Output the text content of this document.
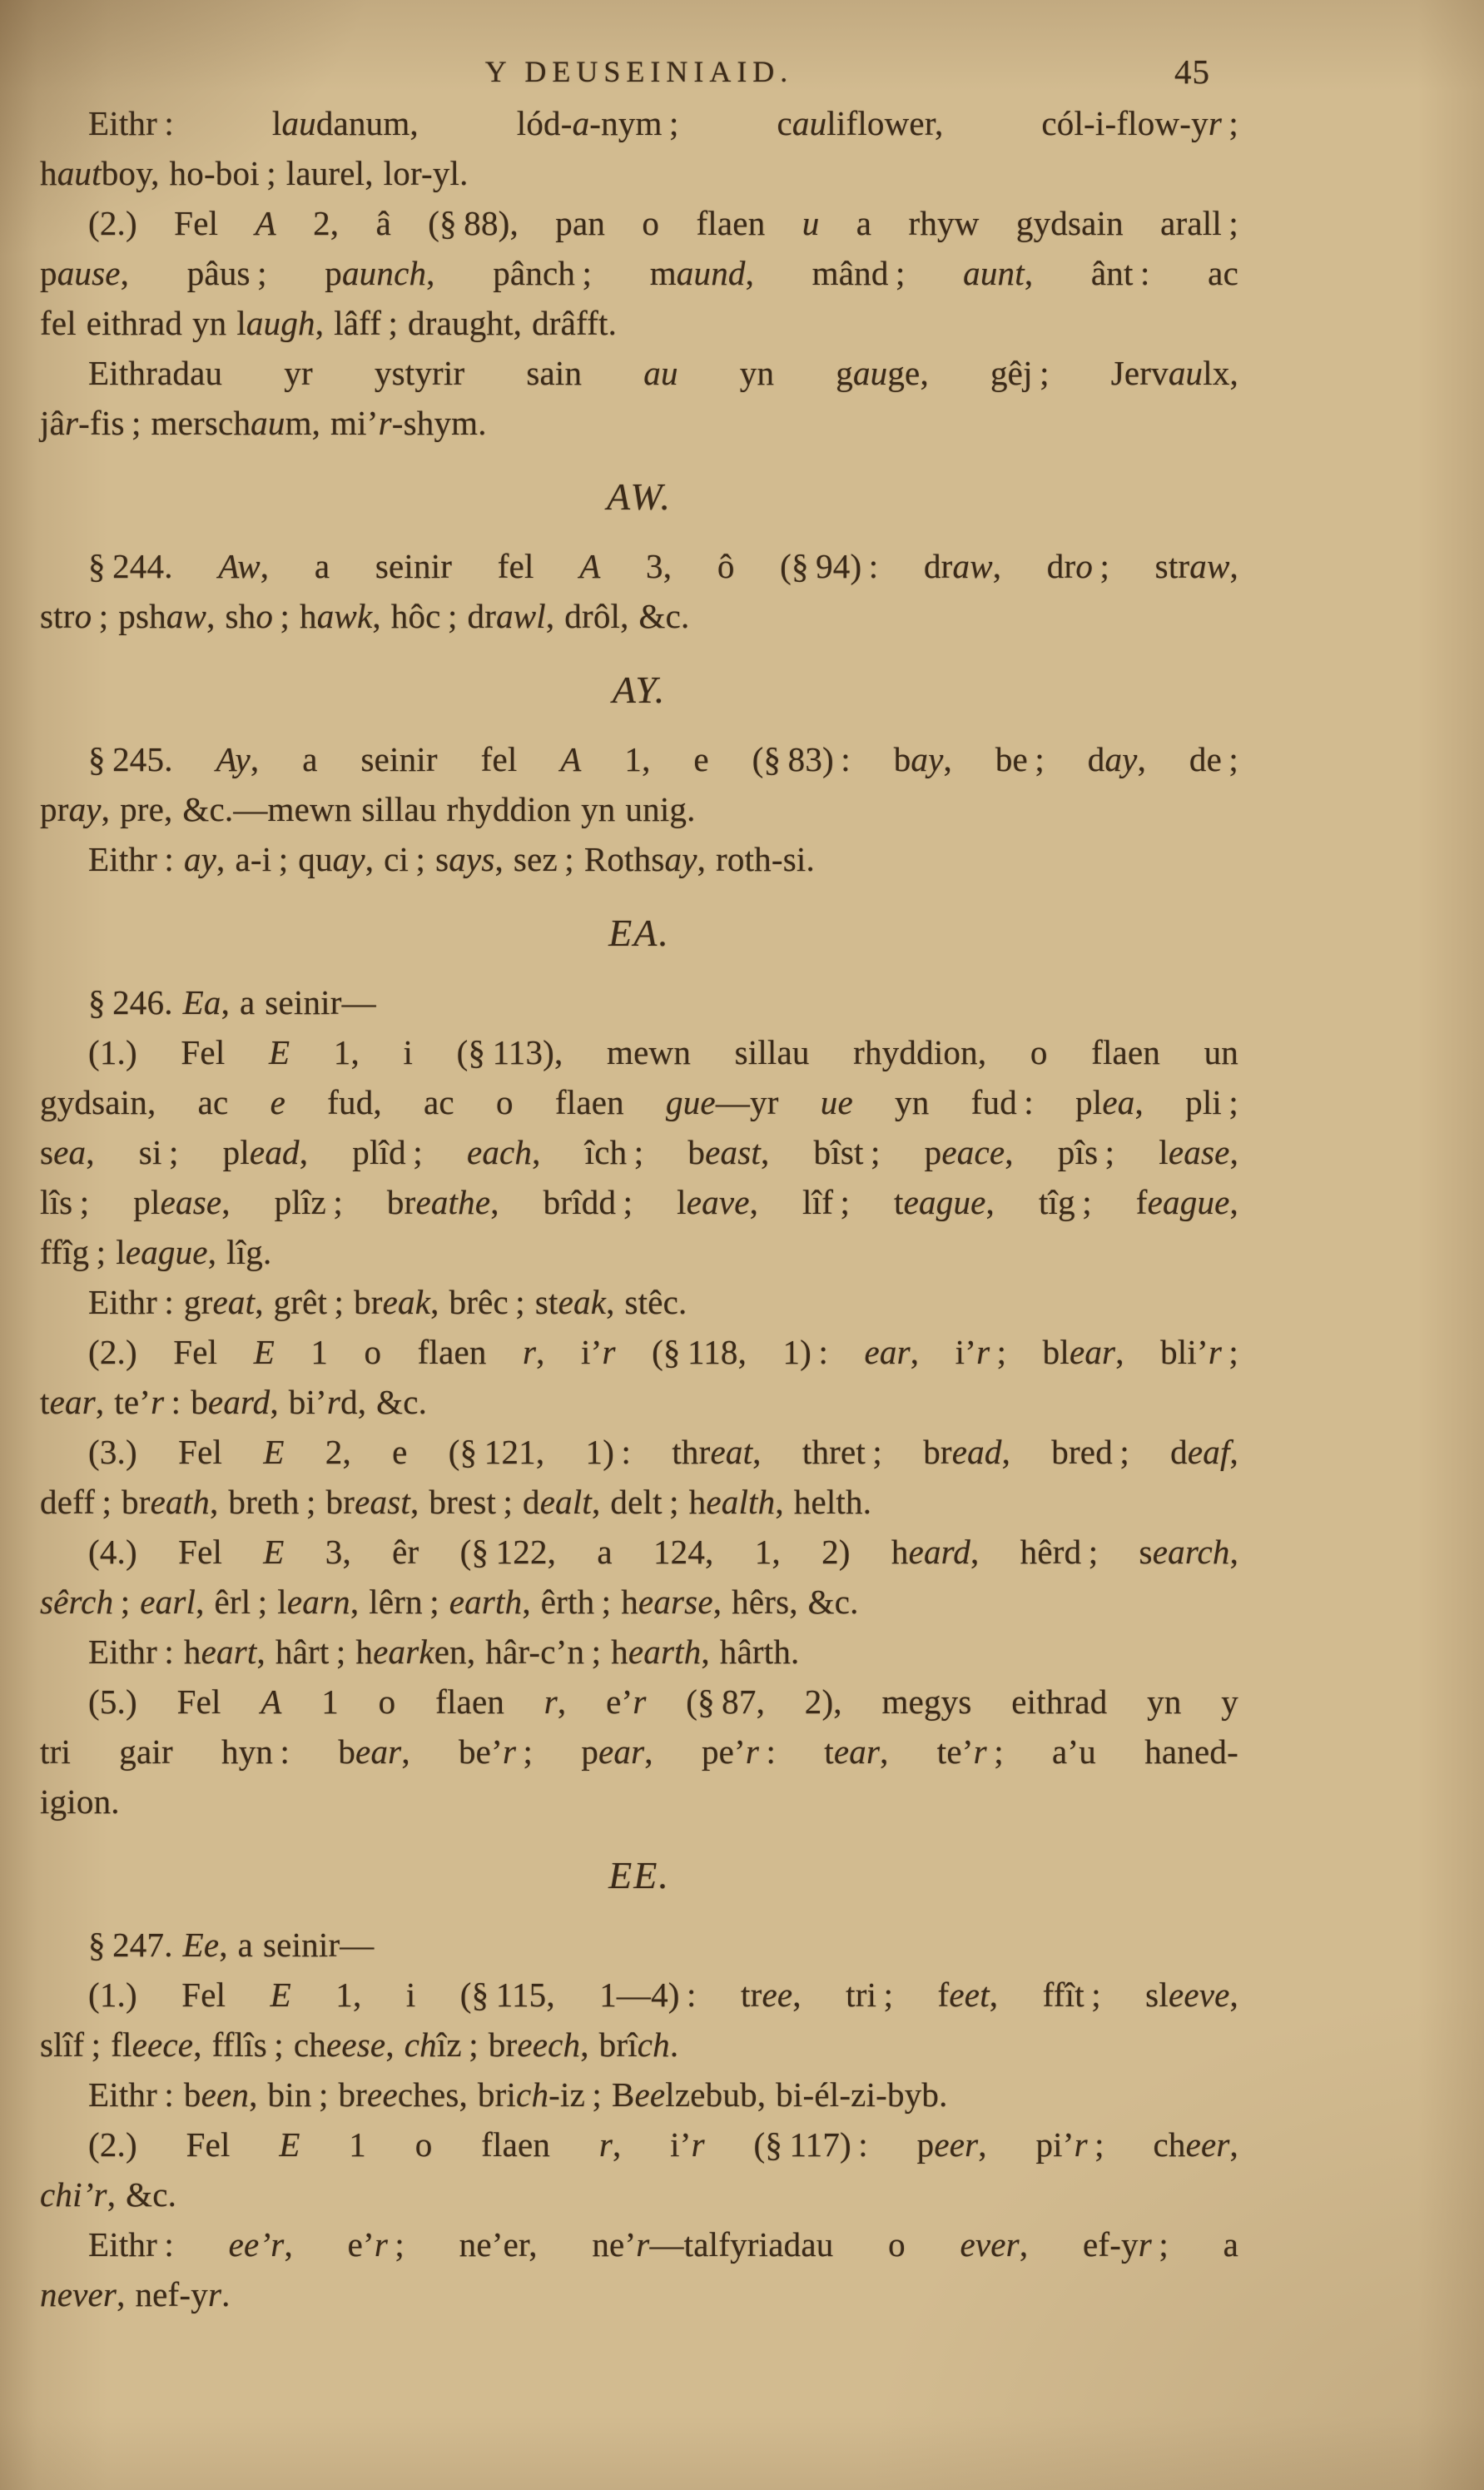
Y DEUSEINIAID.	45
Eithr : laudanum, lód-a-nym ; cauliflower, cól-i-flow-yr ;
hautboy, ho-boi ; laurel, lor-yl.
(2.) Fel A 2, â (§ 88), pan o flaen u a rhyw gydsain arall ;
pause, pâus ; paunch, pânch ; maund, mând ; aunt, ânt : ac
fel eithrad yn laugh, lâff ; draught, drâfft.
Eithradau yr ystyrir sain au yn gauge, gêj ; Jervaulx,
jâr-fis ; merschaum, mi’r-shym.
AW.
§ 244. Aw, a seinir fel A 3, ô (§ 94) : draw, dro ; straw,
stro ; pshaw, sho ; hawk, hôc ; drawl, drôl, &c.
AY.
§ 245. Ay, a seinir fel A 1, e (§ 83) : bay, be ; day, de ;
pray, pre, &c.—mewn sillau rhyddion yn unig.
Eithr : ay, a-i ; quay, ci ; says, sez ; Rothsay, roth-si.
EA.
§ 246. Ea, a seinir—
(1.) Fel E 1, i (§ 113), mewn sillau rhyddion, o flaen un
gydsain, ac e fud, ac o flaen gue—yr ue yn fud : plea, pli ;
sea, si ; plead, plîd ; each, îch ; beast, bîst ; peace, pîs ; lease,
lîs ; please, plîz ; breathe, brîdd ; leave, lîf ; teague, tîg ; feague,
ffîg ; league, lîg.
Eithr : great, grêt ; break, brêc ; steak, stêc.
(2.) Fel E 1 o flaen r, i’r (§ 118, 1) : ear, i’r ; blear, bli’r ;
tear, te’r : beard, bi’rd, &c.
(3.) Fel E 2, e (§ 121, 1) : threat, thret ; bread, bred ; deaf,
deff ; breath, breth ; breast, brest ; dealt, delt ; health, helth.
(4.) Fel E 3, êr (§ 122, a 124, 1, 2) heard, hêrd ; search,
sêrch ; earl, êrl ; learn, lêrn ; earth, êrth ; hearse, hêrs, &c.
Eithr : heart, hârt ; hearken, hâr-c’n ; hearth, hârth.
(5.) Fel A 1 o flaen r, e’r (§ 87, 2), megys eithrad yn y
tri gair hyn : bear, be’r ; pear, pe’r : tear, te’r ; a’u haned-
igion.
EE.
§ 247. Ee, a seinir—
(1.) Fel E 1, i (§ 115, 1—4) : tree, tri ; feet, ffît ; sleeve,
slîf ; fleece, fflîs ; cheese, chîz ; breech, brîch.
Eithr : been, bin ; breeches, brich-iz ; Beelzebub, bi-él-zi-byb.
(2.) Fel E 1 o flaen r, i’r (§ 117) : peer, pi’r ; cheer,
chi’r, &c.
Eithr : ee’r, e’r ; ne’er, ne’r—talfyriadau o ever, ef-yr ; a
never, nef-yr.
